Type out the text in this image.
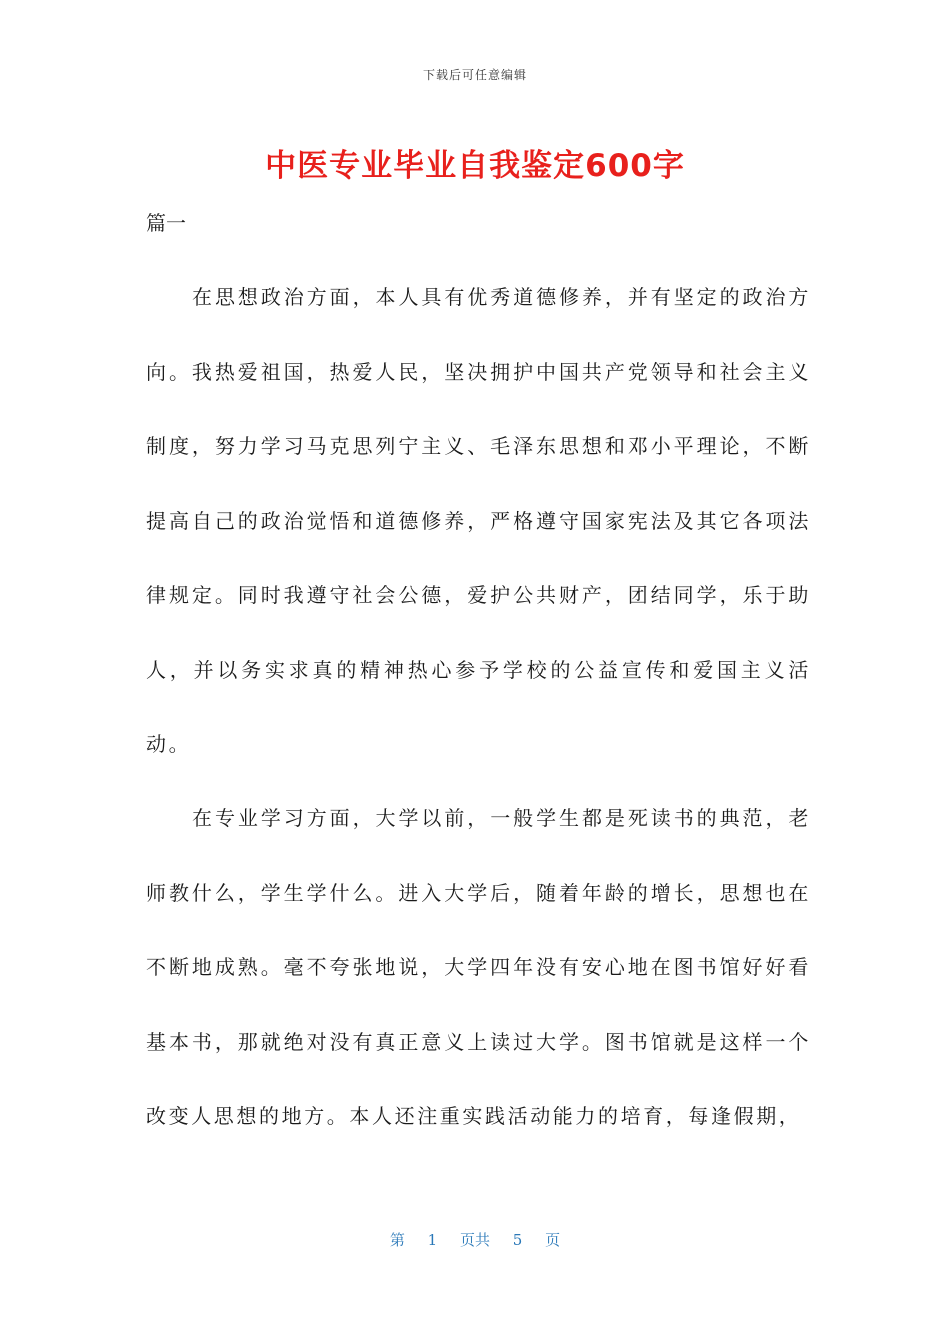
下载后可任意编辑
中医专业毕业自我鉴定600字
篇一

在思想政治方面，本人具有优秀道德修养，并有坚定的政治方向。我热爱祖国，热爱人民，坚决拥护中国共产党领导和社会主义制度，努力学习马克思列宁主义、毛泽东思想和邓小平理论，不断提高自己的政治觉悟和道德修养，严格遵守国家宪法及其它各项法律规定。同时我遵守社会公德，爱护公共财产，团结同学，乐于助人，并以务实求真的精神热心参予学校的公益宣传和爱国主义活动。

在专业学习方面，大学以前，一般学生都是死读书的典范，老师教什么，学生学什么。进入大学后，随着年龄的增长，思想也在不断地成熟。毫不夸张地说，大学四年没有安心地在图书馆好好看基本书，那就绝对没有真正意义上读过大学。图书馆就是这样一个改变人思想的地方。本人还注重实践活动能力的培育，每逢假期，

第 1 页共 5 页
